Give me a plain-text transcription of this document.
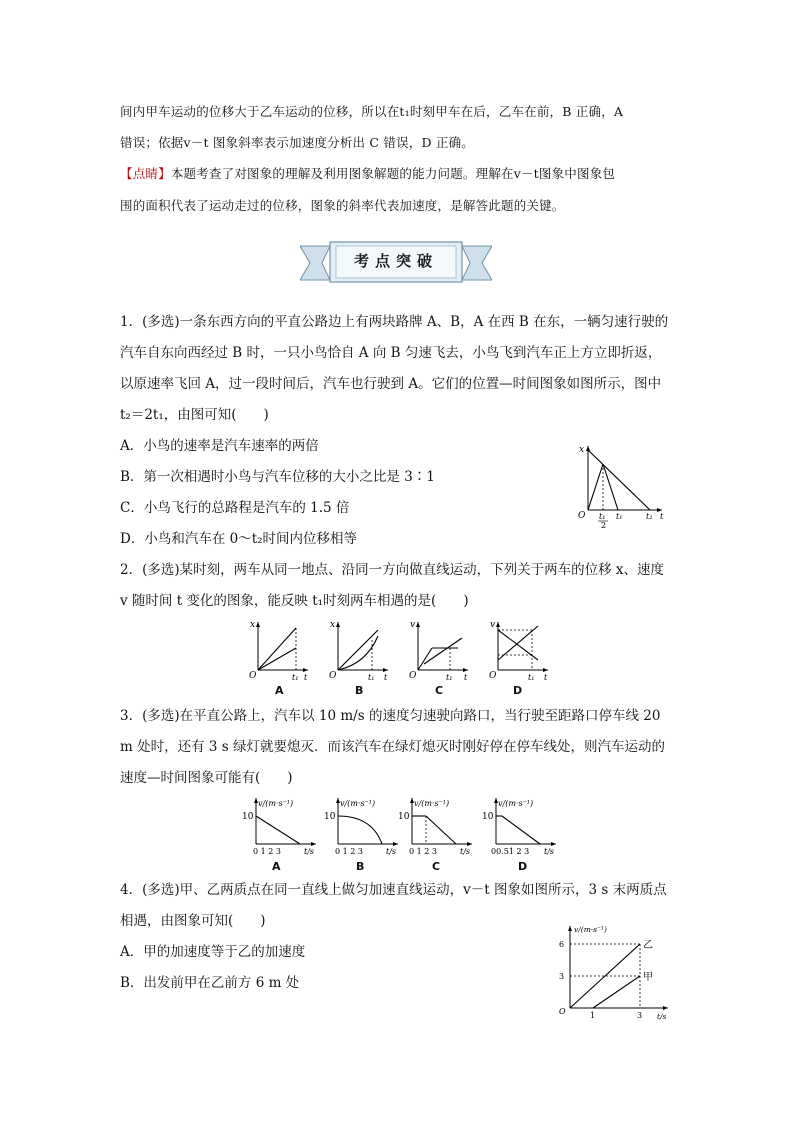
间内甲车运动的位移大于乙车运动的位移，所以在t₁时刻甲车在后，乙车在前，B 正确，A
错误；依据v－t 图象斜率表示加速度分析出 C 错误，D 正确。
【点睛】本题考查了对图象的理解及利用图象解题的能力问题。理解在v－t图象中图象包
围的面积代表了运动走过的位移，图象的斜率代表加速度，是解答此题的关键。
考点突破
1．(多选)一条东西方向的平直公路边上有两块路牌 A、B，A 在西 B 在东，一辆匀速行驶的
汽车自东向西经过 B 时，一只小鸟恰自 A 向 B 匀速飞去，小鸟飞到汽车正上方立即折返，
以原速率飞回 A，过一段时间后，汽车也行驶到 A。它们的位置—时间图象如图所示，图中
t₂＝2t₁，由图可知(　　)
A．小鸟的速率是汽车速率的两倍
B．第一次相遇时小鸟与汽车位移的大小之比是 3∶1
C．小鸟飞行的总路程是汽车的 1.5 倍
D．小鸟和汽车在 0～t₂时间内位移相等
x
O t₁
2
t₁	t₂ t
2．(多选)某时刻，两车从同一地点、沿同一方向做直线运动，下列关于两车的位移 x、速度
v 随时间 t 变化的图象，能反映 t₁时刻两车相遇的是(　　)
x
O	t₁ t
A
x
O	t₁ t
B
v
O	t₁ t
C
v
O	t₁ t
D
3．(多选)在平直公路上，汽车以 10 m/s 的速度匀速驶向路口，当行驶至距路口停车线 20
m 处时，还有 3 s 绿灯就要熄灭．而该汽车在绿灯熄灭时刚好停在停车线处，则汽车运动的
速度—时间图象可能有(　　)
v/(m·s⁻¹)
10
0 1 2 3	t/s
A
v/(m·s⁻¹)
10
0 1 2 3	t/s
B
v/(m·s⁻¹)
10
0 1 2 3	t/s
C
v/(m·s⁻¹)
10
00.51 2 3 t/s
D
4．(多选)甲、乙两质点在同一直线上做匀加速直线运动，v－t 图象如图所示，3 s 末两质点
相遇，由图象可知(　　)
A．甲的加速度等于乙的加速度
B．出发前甲在乙前方 6 m 处
v/(m·s⁻¹)
6
3
O	1	3 t/s
乙
甲
